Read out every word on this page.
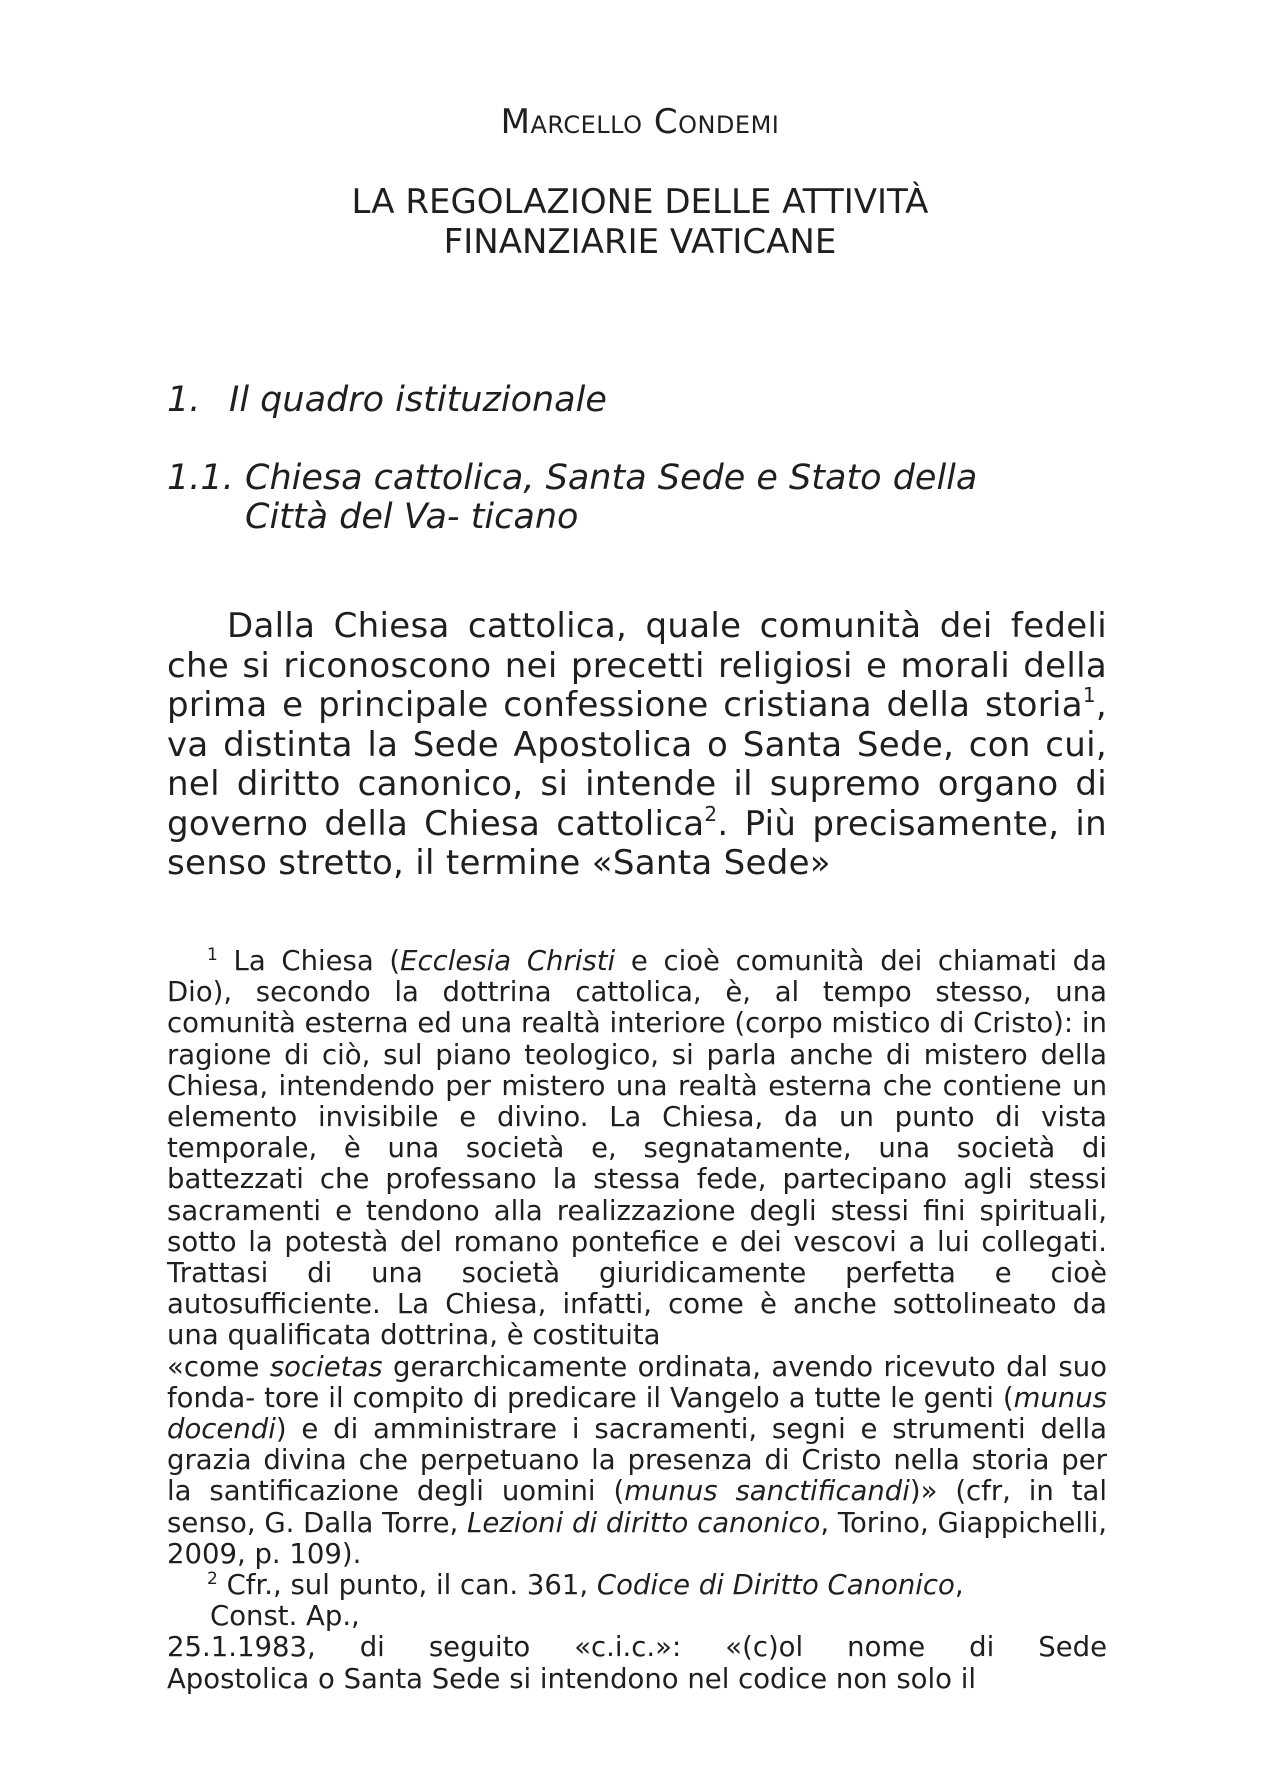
Marcello Condemi
LA REGOLAZIONE DELLE ATTIVITÀ
FINANZIARIE VATICANE
1. Il quadro istituzionale
1.1. Chiesa cattolica, Santa Sede e Stato della
Città del Va- ticano

Dalla Chiesa cattolica, quale comunità dei fedeli che si riconoscono nei precetti religiosi e morali della prima e principale confessione cristiana della storia$^1$, va distinta la Sede Apostolica o Santa Sede, con cui, nel diritto canonico, si intende il supremo organo di governo della Chiesa cattolica$^2$. Più precisamente, in senso stretto, il termine «Santa Sede»

$^1$ La Chiesa (Ecclesia Christi e cioè comunità dei chiamati da Dio), secondo la dottrina cattolica, è, al tempo stesso, una comunità esterna ed una realtà interiore (corpo mistico di Cristo): in ragione di ciò, sul piano teologico, si parla anche di mistero della Chiesa, intendendo per mistero una realtà esterna che contiene un elemento invisibile e divino. La Chiesa, da un punto di vista temporale, è una società e, segnatamente, una società di battezzati che professano la stessa fede, partecipano agli stessi sacramenti e tendono alla realizzazione degli stessi fini spirituali, sotto la potestà del romano pontefice e dei vescovi a lui collegati. Trattasi di una società giuridicamente perfetta e cioè autosufficiente. La Chiesa, infatti, come è anche sottolineato da una qualificata dottrina, è costituita

«come societas gerarchicamente ordinata, avendo ricevuto dal suo fonda- tore il compito di predicare il Vangelo a tutte le genti (munus docendi) e di amministrare i sacramenti, segni e strumenti della grazia divina che perpetuano la presenza di Cristo nella storia per la santificazione degli uomini (munus sanctificandi)» (cfr, in tal senso, G. Dalla Torre, Lezioni di diritto canonico, Torino, Giappichelli, 2009, p. 109).

$^2$ Cfr., sul punto, il can. 361, Codice di Diritto Canonico,

Const. Ap.,

25.1.1983, di seguito «c.i.c.»: «(c)ol nome di Sede

Apostolica o Santa Sede si intendono nel codice non solo il
